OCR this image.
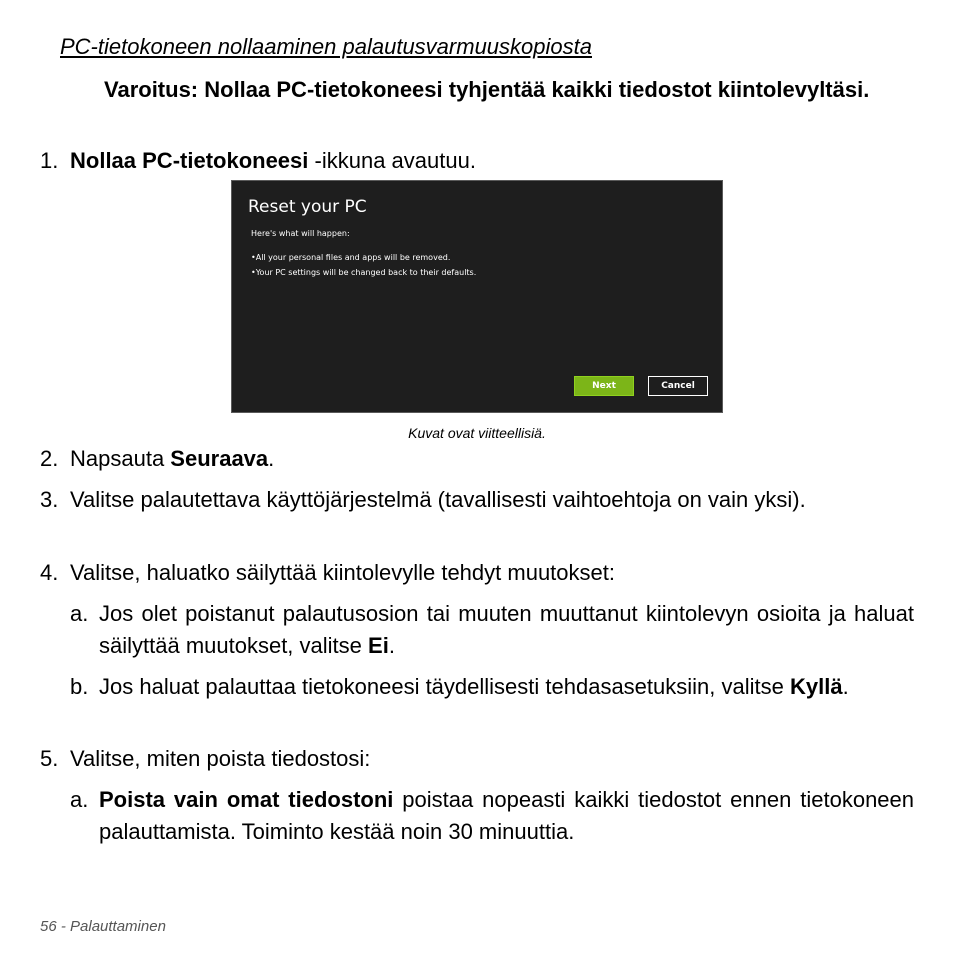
PC-tietokoneen nollaaminen palautusvarmuuskopiosta
Varoitus: Nollaa PC-tietokoneesi tyhjentää kaikki tiedostot kiintolevyltäsi.
1. Nollaa PC-tietokoneesi -ikkuna avautuu.
Reset your PC
Here's what will happen:
• All your personal files and apps will be removed.
• Your PC settings will be changed back to their defaults.
Next	Cancel
Kuvat ovat viitteellisiä.
2. Napsauta Seuraava.
3. Valitse palautettava käyttöjärjestelmä (tavallisesti vaihtoehtoja on vain yksi).
4. Valitse, haluatko säilyttää kiintolevylle tehdyt muutokset:
a. Jos olet poistanut palautusosion tai muuten muuttanut kiintolevyn osioita ja haluat säilyttää muutokset, valitse Ei.
b. Jos haluat palauttaa tietokoneesi täydellisesti tehdasasetuksiin, valitse Kyllä.
5. Valitse, miten poista tiedostosi:
a. Poista vain omat tiedostoni poistaa nopeasti kaikki tiedostot ennen tietokoneen palauttamista. Toiminto kestää noin 30 minuuttia.
56 - Palauttaminen
